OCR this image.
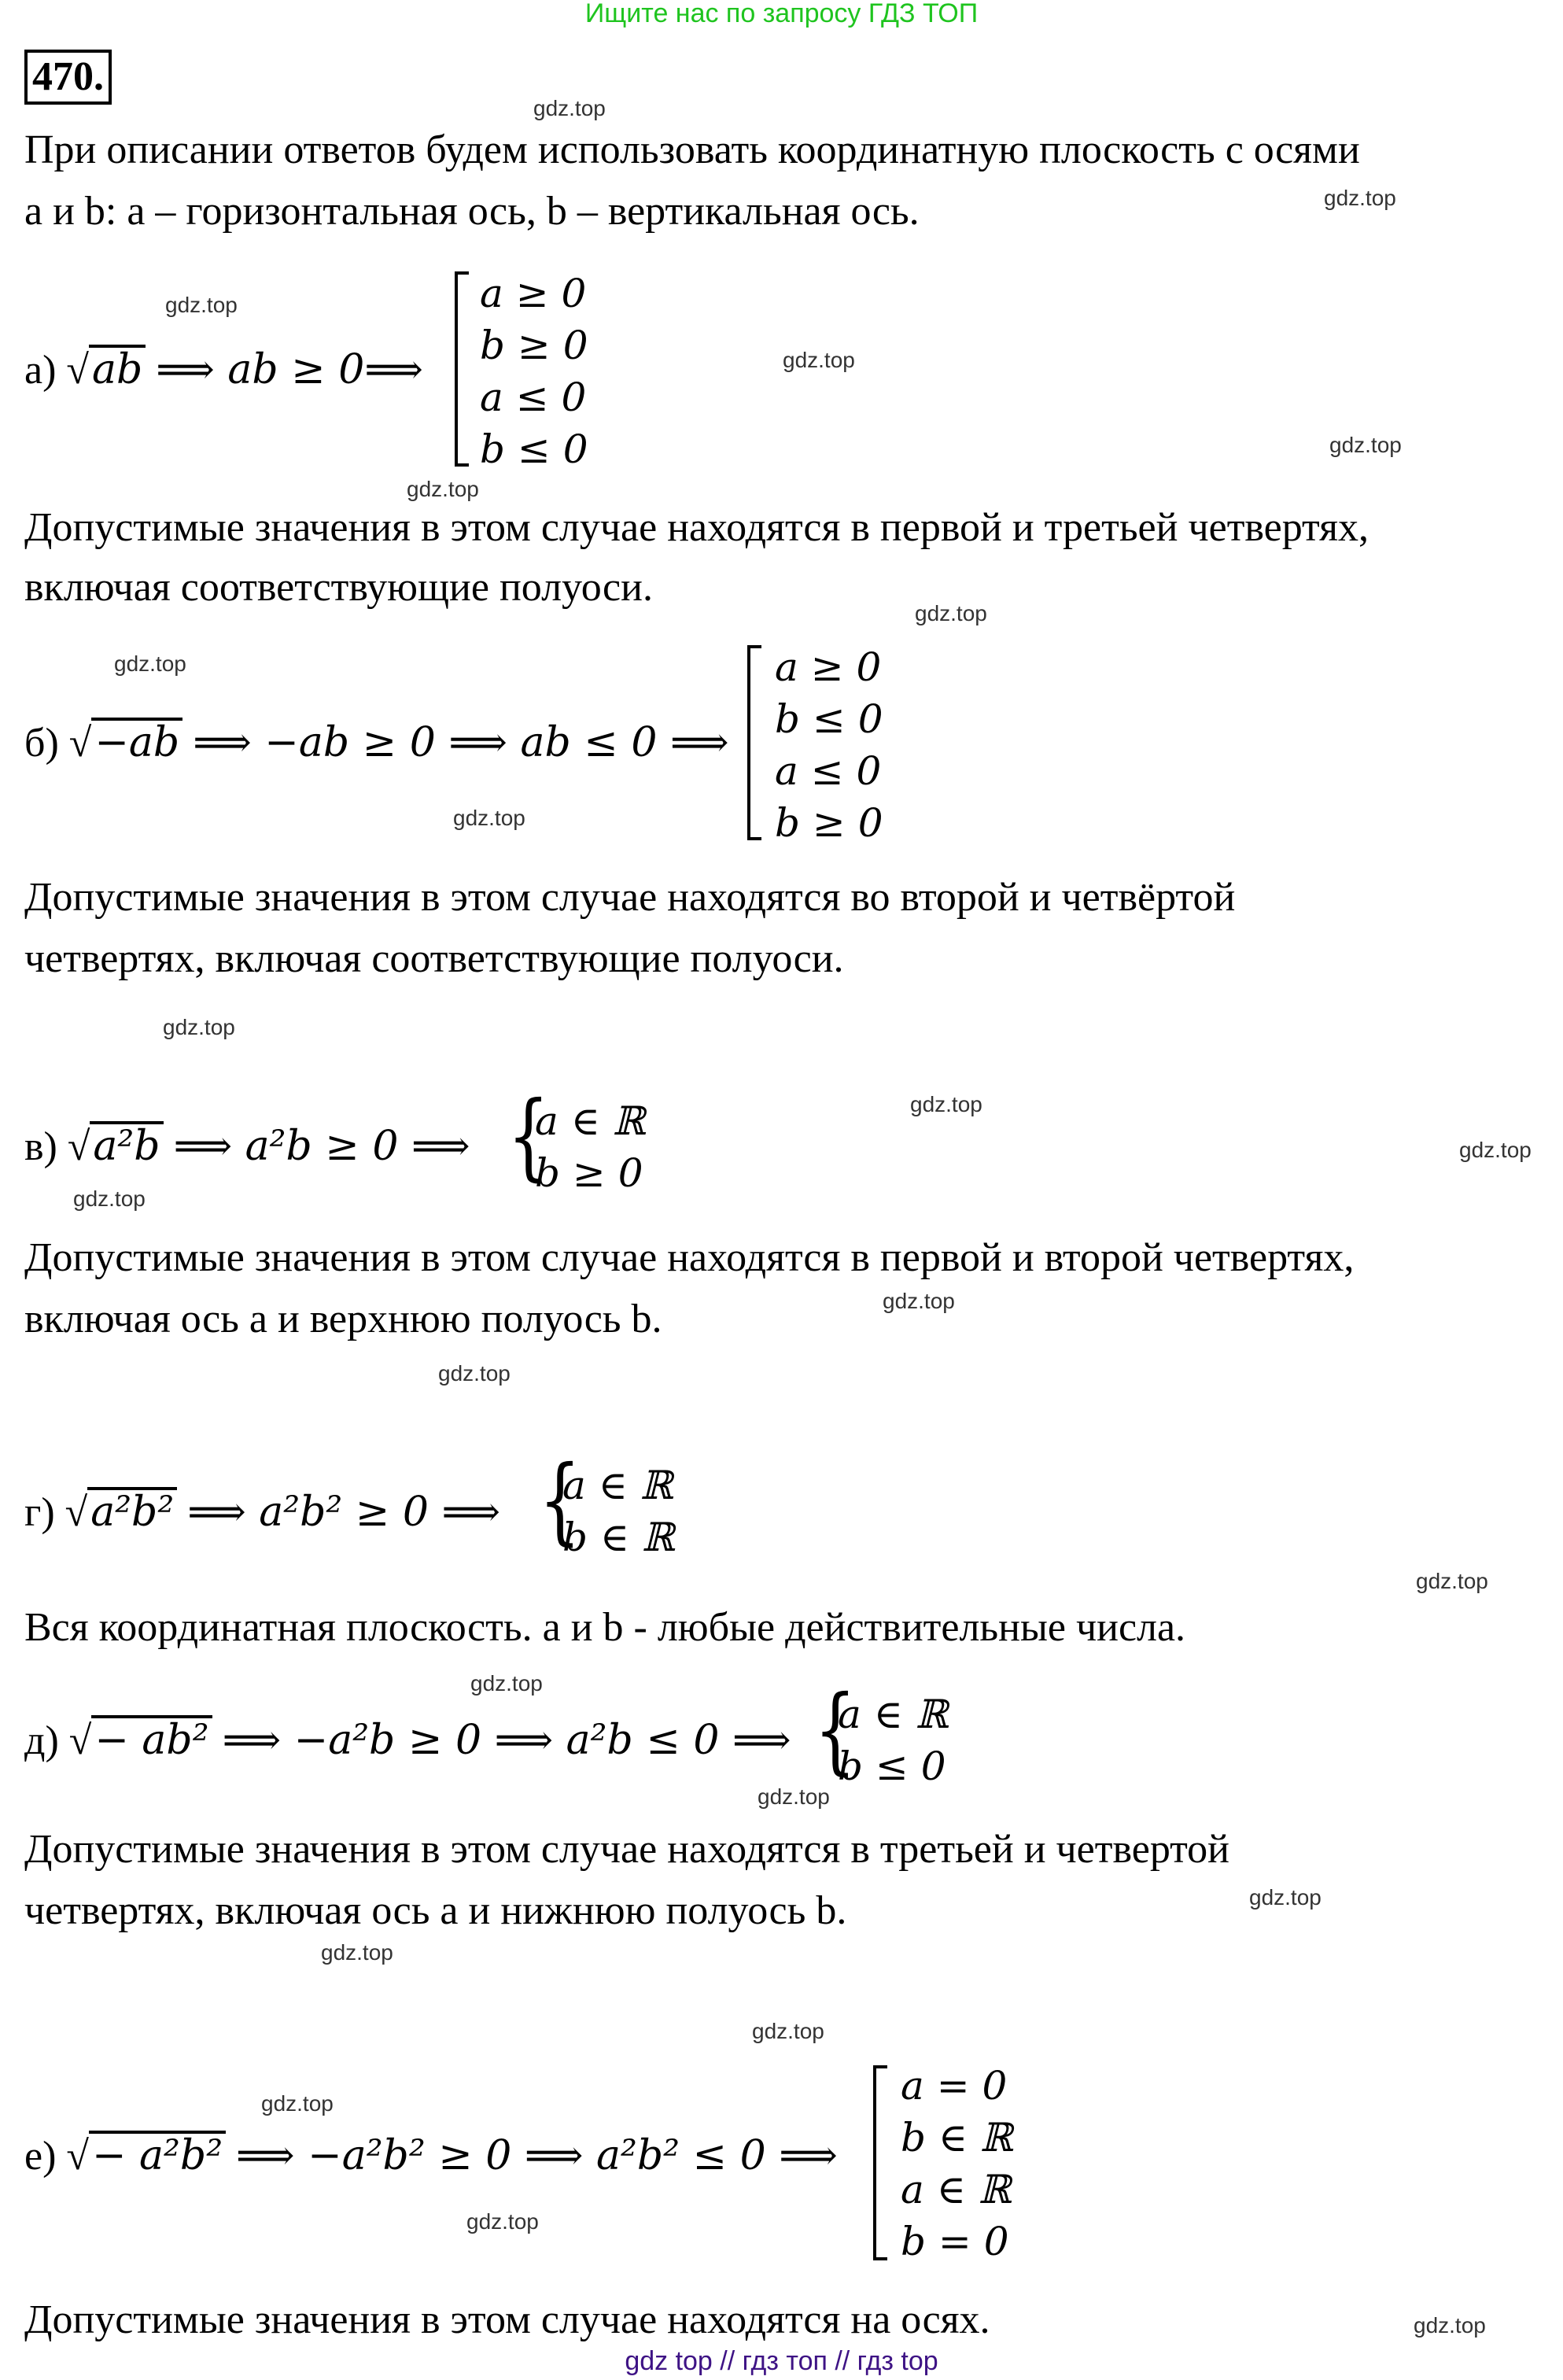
Ищите нас по запросу ГДЗ ТОП
470.
gdz.top
gdz.top
gdz.top
gdz.top
gdz.top
gdz.top
gdz.top
gdz.top
gdz.top
gdz.top
gdz.top
gdz.top
gdz.top
gdz.top
gdz.top
gdz.top
gdz.top
gdz.top
gdz.top
gdz.top
gdz.top
gdz.top
gdz.top
gdz.top
При описании ответов будем использовать координатную плоскость с осями
a и b: a – горизонтальная ось, b – вертикальная ось.
а) √ab ⟹ ab ≥ 0⟹
a ≥ 0
b ≥ 0
a ≤ 0
b ≤ 0
Допустимые значения в этом случае находятся в первой и третьей четвертях,
включая соответствующие полуоси.
б) √−ab ⟹ −ab ≥ 0 ⟹ ab ≤ 0 ⟹
a ≥ 0
b ≤ 0
a ≤ 0
b ≥ 0
Допустимые значения в этом случае находятся во второй и четвёртой
четвертях, включая соответствующие полуоси.
в) √a²b ⟹ a²b ≥ 0 ⟹ {
a ∈ ℝ
b ≥ 0
Допустимые значения в этом случае находятся в первой и второй четвертях,
включая ось a и верхнюю полуось b.
г) √a²b² ⟹ a²b² ≥ 0 ⟹ {
a ∈ ℝ
b ∈ ℝ
Вся координатная плоскость. a и b - любые действительные числа.
д) √− ab² ⟹ −a²b ≥ 0 ⟹ a²b ≤ 0 ⟹ {
a ∈ ℝ
b ≤ 0
Допустимые значения в этом случае находятся в третьей и четвертой
четвертях, включая ось a и нижнюю полуось b.
е) √− a²b² ⟹ −a²b² ≥ 0 ⟹ a²b² ≤ 0 ⟹
a = 0
b ∈ ℝ
a ∈ ℝ
b = 0
Допустимые значения в этом случае находятся на осях.
gdz top // гдз топ // гдз top
